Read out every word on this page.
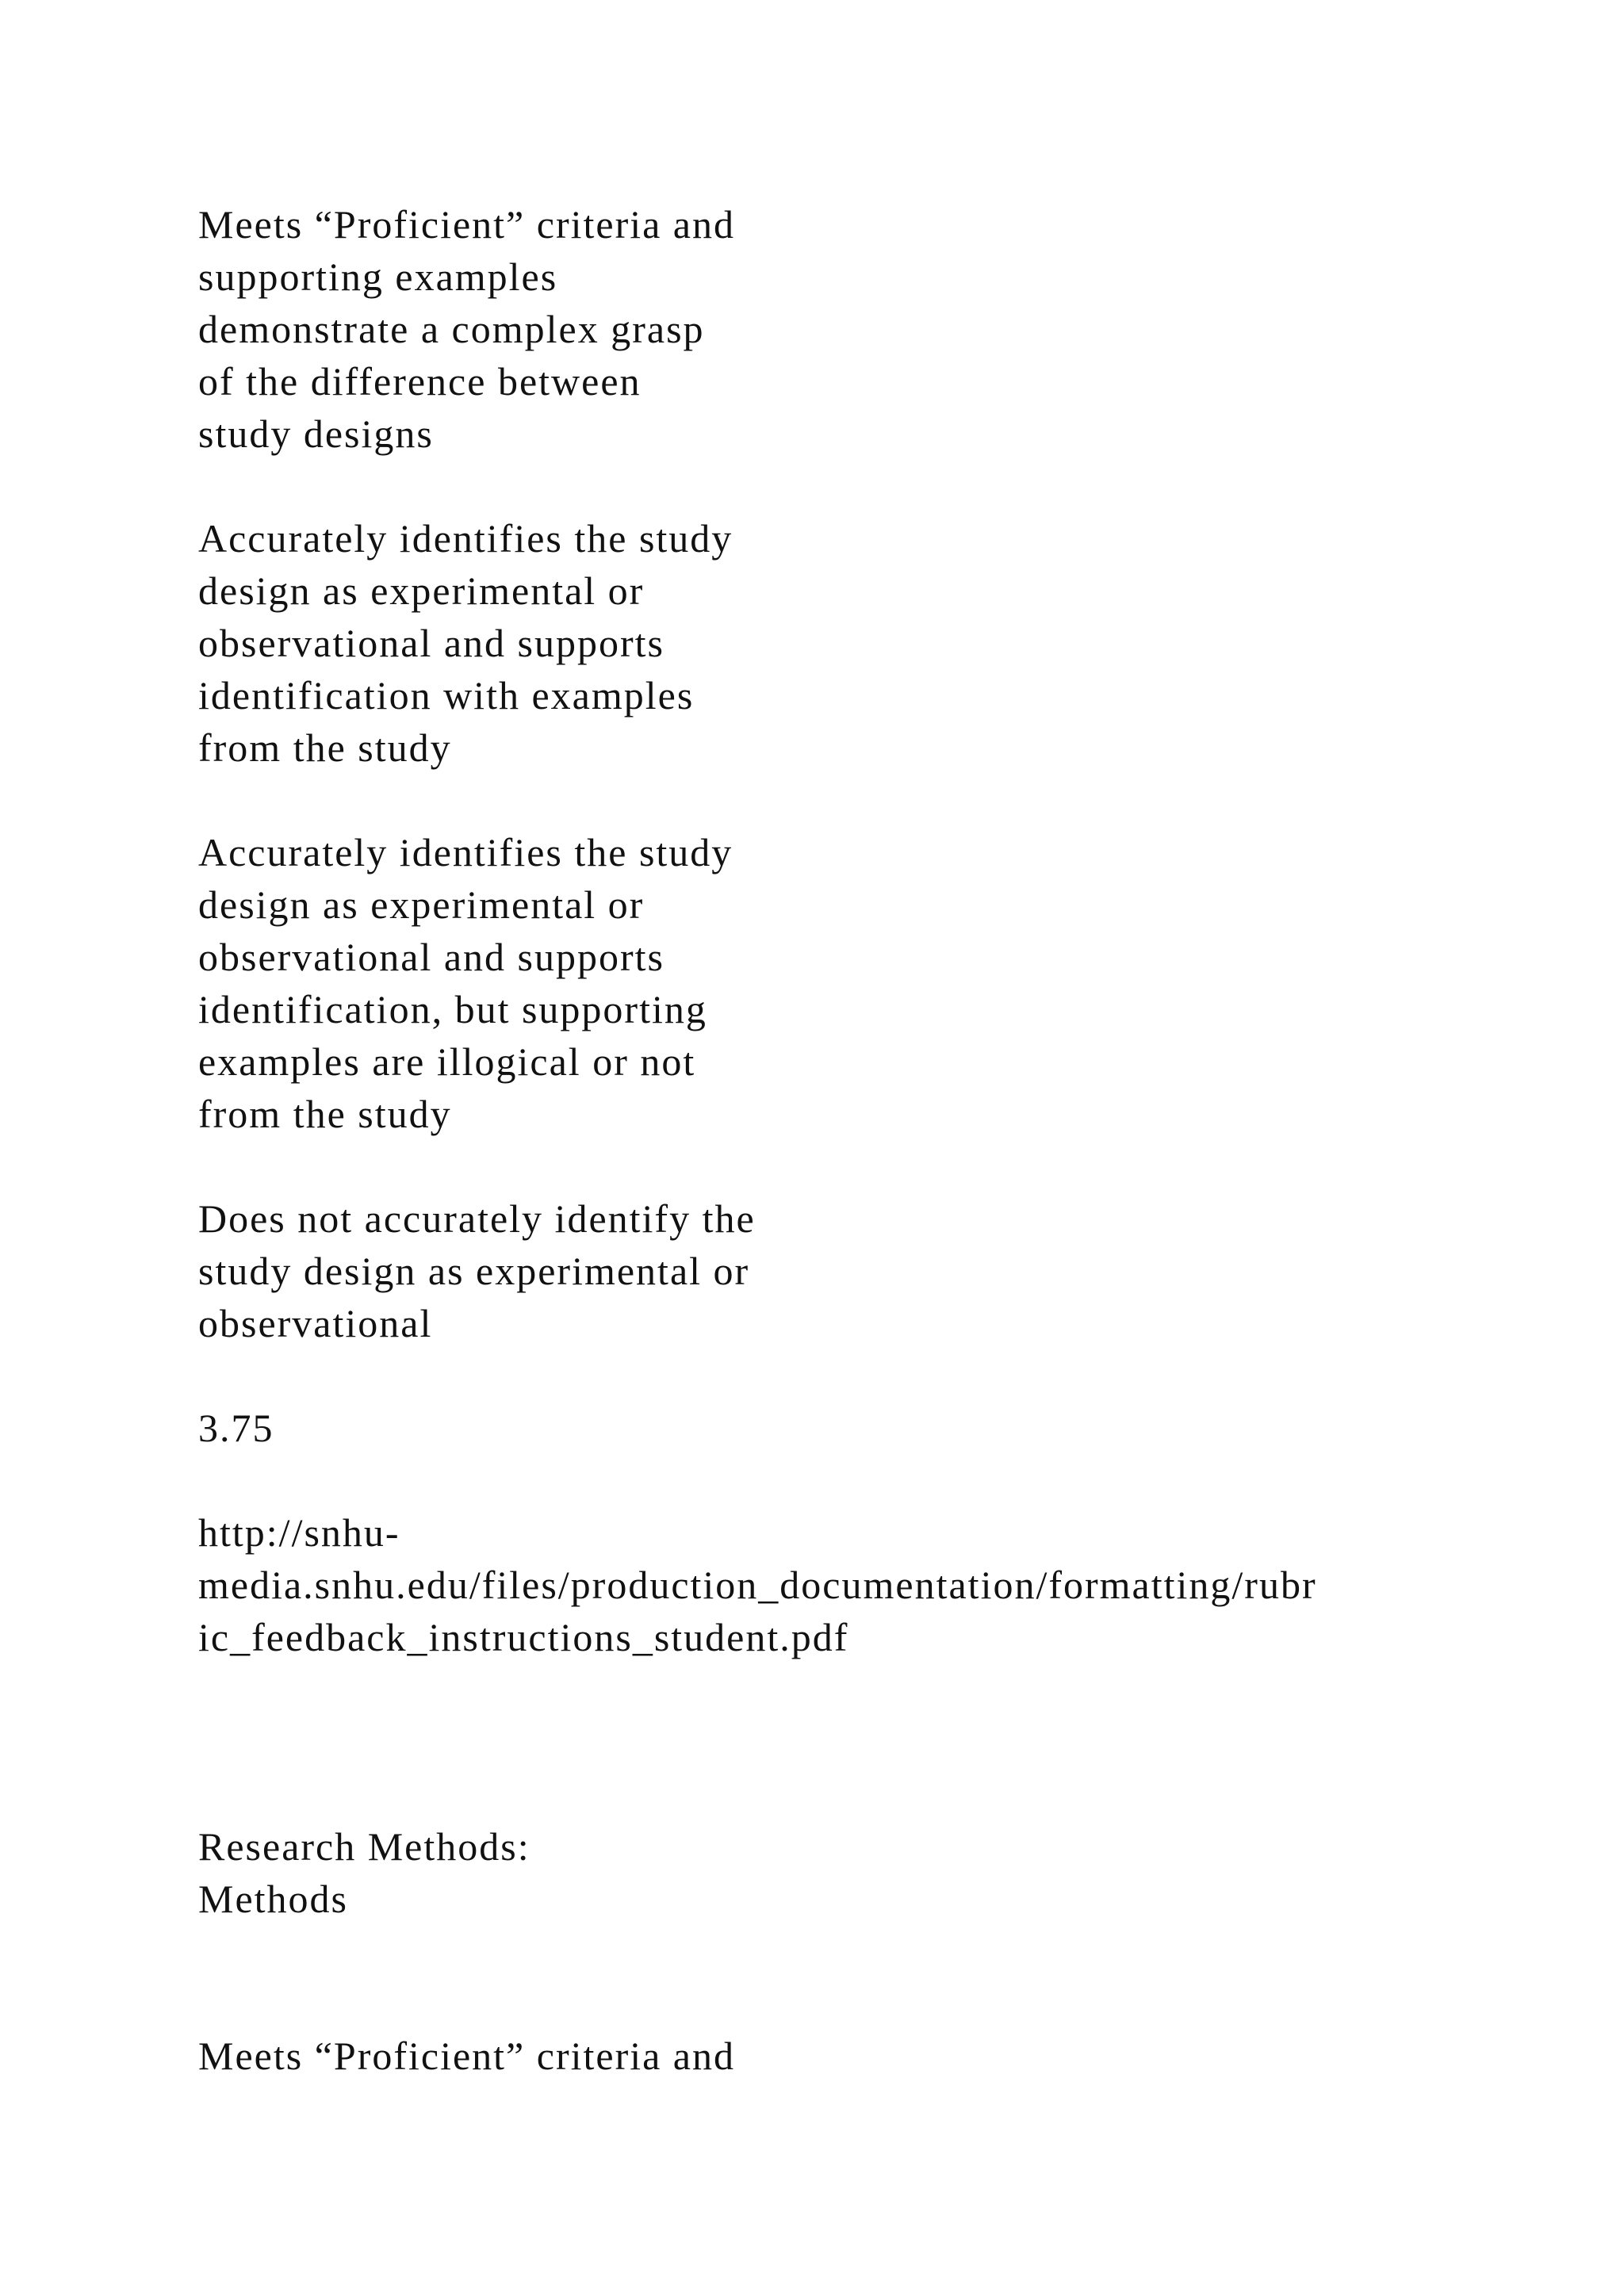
Meets “Proficient” criteria and
supporting examples
demonstrate a complex grasp
of the difference between
study designs
Accurately identifies the study
design as experimental or
observational and supports
identification with examples
from the study
Accurately identifies the study
design as experimental or
observational and supports
identification, but supporting
examples are illogical or not
from the study
Does not accurately identify the
study design as experimental or
observational
3.75
http://snhu-
media.snhu.edu/files/production_documentation/formatting/rubr
ic_feedback_instructions_student.pdf
Research Methods:
Methods
Meets “Proficient” criteria and
